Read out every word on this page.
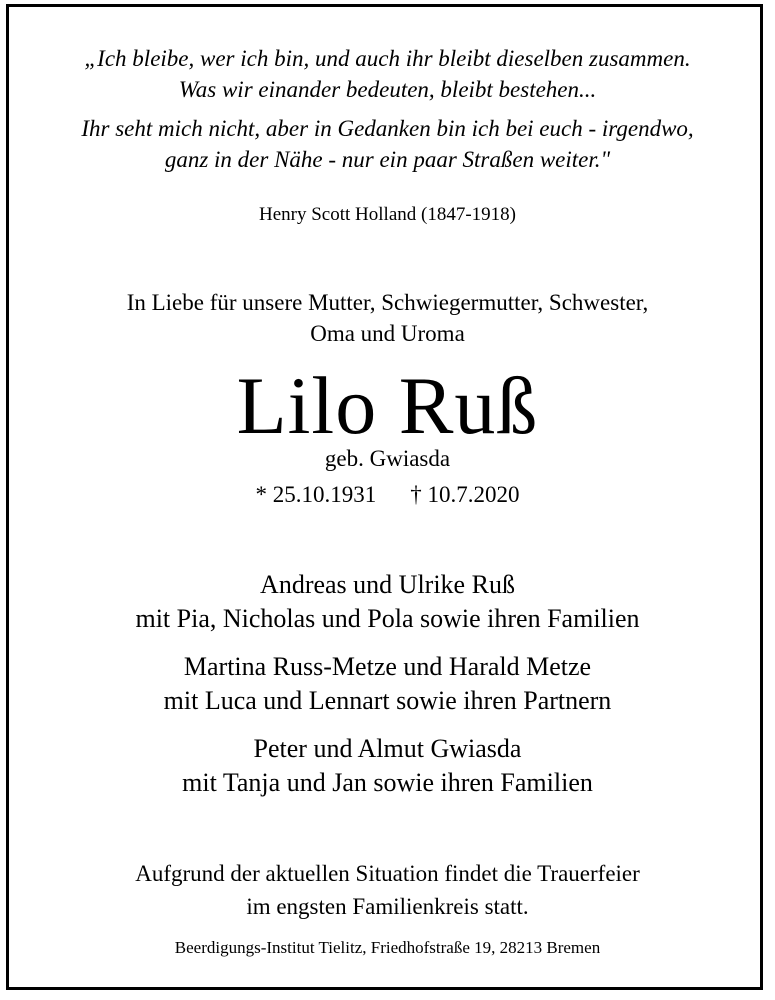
„Ich bleibe, wer ich bin, und auch ihr bleibt dieselben zusammen.
Was wir einander bedeuten, bleibt bestehen...
Ihr seht mich nicht, aber in Gedanken bin ich bei euch - irgendwo,
ganz in der Nähe - nur ein paar Straßen weiter."
Henry Scott Holland (1847-1918)
In Liebe für unsere Mutter, Schwiegermutter, Schwester,
Oma und Uroma
Lilo Ruß
geb. Gwiasda
* 25.10.1931 † 10.7.2020
Andreas und Ulrike Ruß
mit Pia, Nicholas und Pola sowie ihren Familien
Martina Russ-Metze und Harald Metze
mit Luca und Lennart sowie ihren Partnern
Peter und Almut Gwiasda
mit Tanja und Jan sowie ihren Familien
Aufgrund der aktuellen Situation findet die Trauerfeier
im engsten Familienkreis statt.
Beerdigungs-Institut Tielitz, Friedhofstraße 19, 28213 Bremen
